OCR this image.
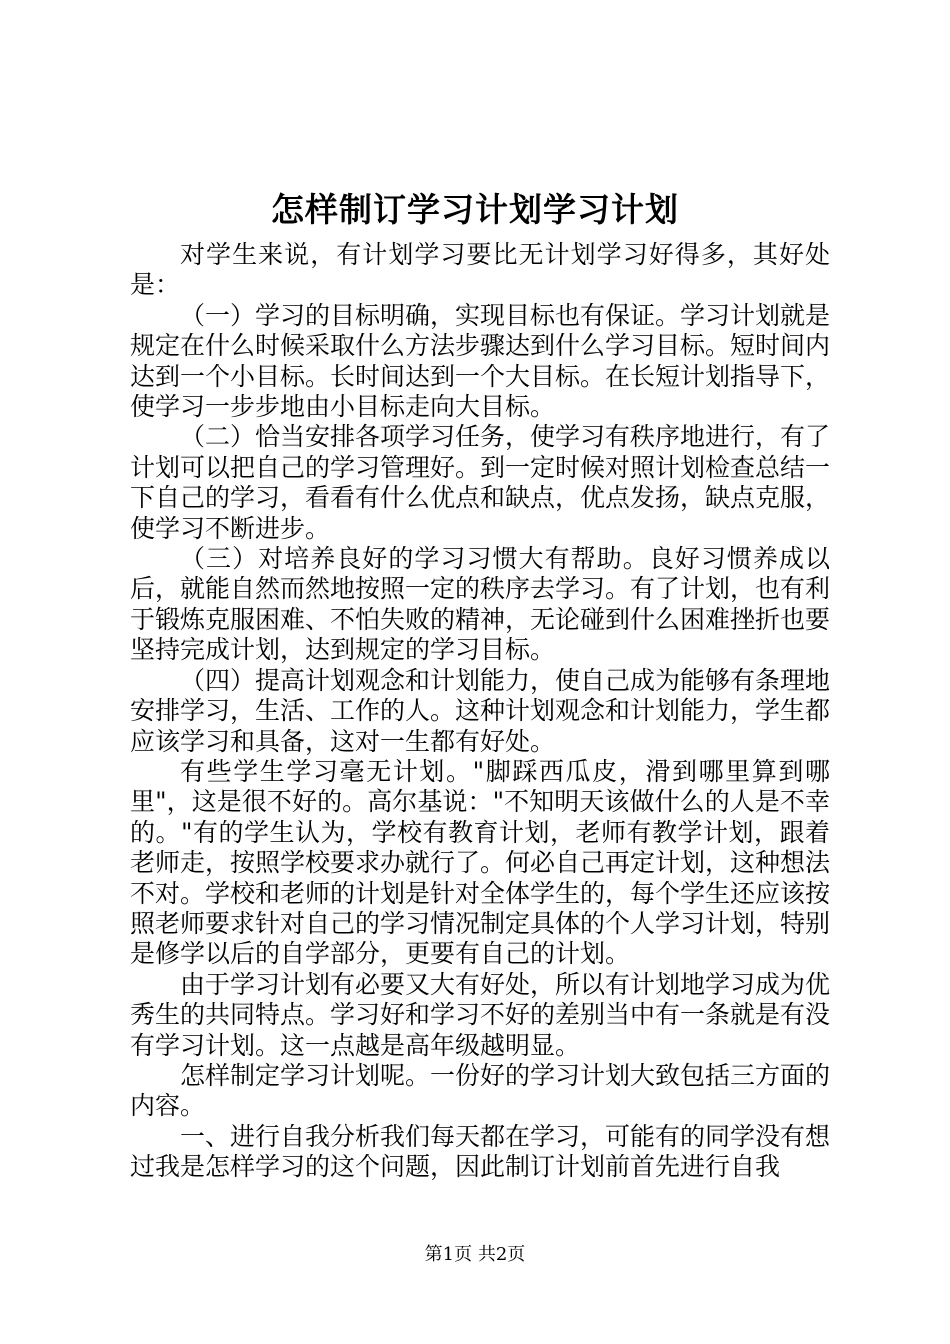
怎样制订学习计划学习计划

对学生来说，有计划学习要比无计划学习好得多，其好处是：

（一）学习的目标明确，实现目标也有保证。学习计划就是规定在什么时候采取什么方法步骤达到什么学习目标。短时间内达到一个小目标。长时间达到一个大目标。在长短计划指导下，使学习一步步地由小目标走向大目标。

（二）恰当安排各项学习任务，使学习有秩序地进行，有了计划可以把自己的学习管理好。到一定时候对照计划检查总结一下自己的学习，看看有什么优点和缺点，优点发扬，缺点克服，使学习不断进步。

（三）对培养良好的学习习惯大有帮助。良好习惯养成以后，就能自然而然地按照一定的秩序去学习。有了计划，也有利于锻炼克服困难、不怕失败的精神，无论碰到什么困难挫折也要坚持完成计划，达到规定的学习目标。

（四）提高计划观念和计划能力，使自己成为能够有条理地安排学习，生活、工作的人。这种计划观念和计划能力，学生都应该学习和具备，这对一生都有好处。

有些学生学习毫无计划。"脚踩西瓜皮，滑到哪里算到哪里"，这是很不好的。高尔基说："不知明天该做什么的人是不幸的。"有的学生认为，学校有教育计划，老师有教学计划，跟着老师走，按照学校要求办就行了。何必自己再定计划，这种想法不对。学校和老师的计划是针对全体学生的，每个学生还应该按照老师要求针对自己的学习情况制定具体的个人学习计划，特别是修学以后的自学部分，更要有自己的计划。

由于学习计划有必要又大有好处，所以有计划地学习成为优秀生的共同特点。学习好和学习不好的差别当中有一条就是有没有学习计划。这一点越是高年级越明显。

怎样制定学习计划呢。一份好的学习计划大致包括三方面的内容。

一、进行自我分析我们每天都在学习，可能有的同学没有想过我是怎样学习的这个问题，因此制订计划前首先进行自我

第1页 共2页
